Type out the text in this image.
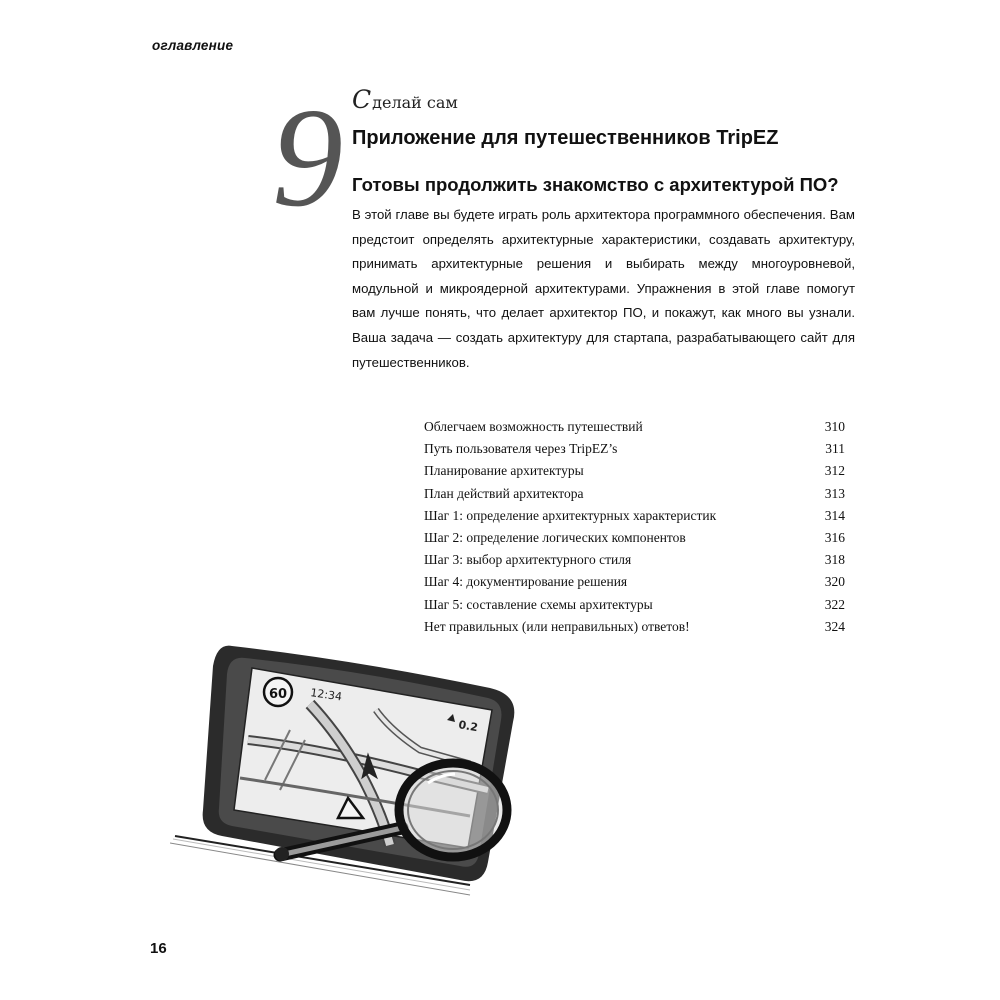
оглавление
9 Сделай сам
Приложение для путешественников TripEZ
Готовы продолжить знакомство с архитектурой ПО?

В этой главе вы будете играть роль архитектора программного обеспечения. Вам предстоит определять архитектурные характеристики, создавать архитектуру, принимать архитектурные решения и выбирать между многоуровневой, модульной и микроядерной архитектурами. Упражнения в этой главе помогут вам лучше понять, что делает архитектор ПО, и покажут, как много вы узнали. Ваша задача — создать архитектуру для стартапа, разрабатывающего сайт для путешественников.

Облегчаем возможность путешествий	310
Путь пользователя через TripEZ’s	311
Планирование архитектуры	312
План действий архитектора	313
Шаг 1: определение архитектурных характеристик	314
Шаг 2: определение логических компонентов	316
Шаг 3: выбор архитектурного стиля	318
Шаг 4: документирование решения	320
Шаг 5: составление схемы архитектуры	322
Нет правильных (или неправильных) ответов!	324
60 12:34
0.2
16
